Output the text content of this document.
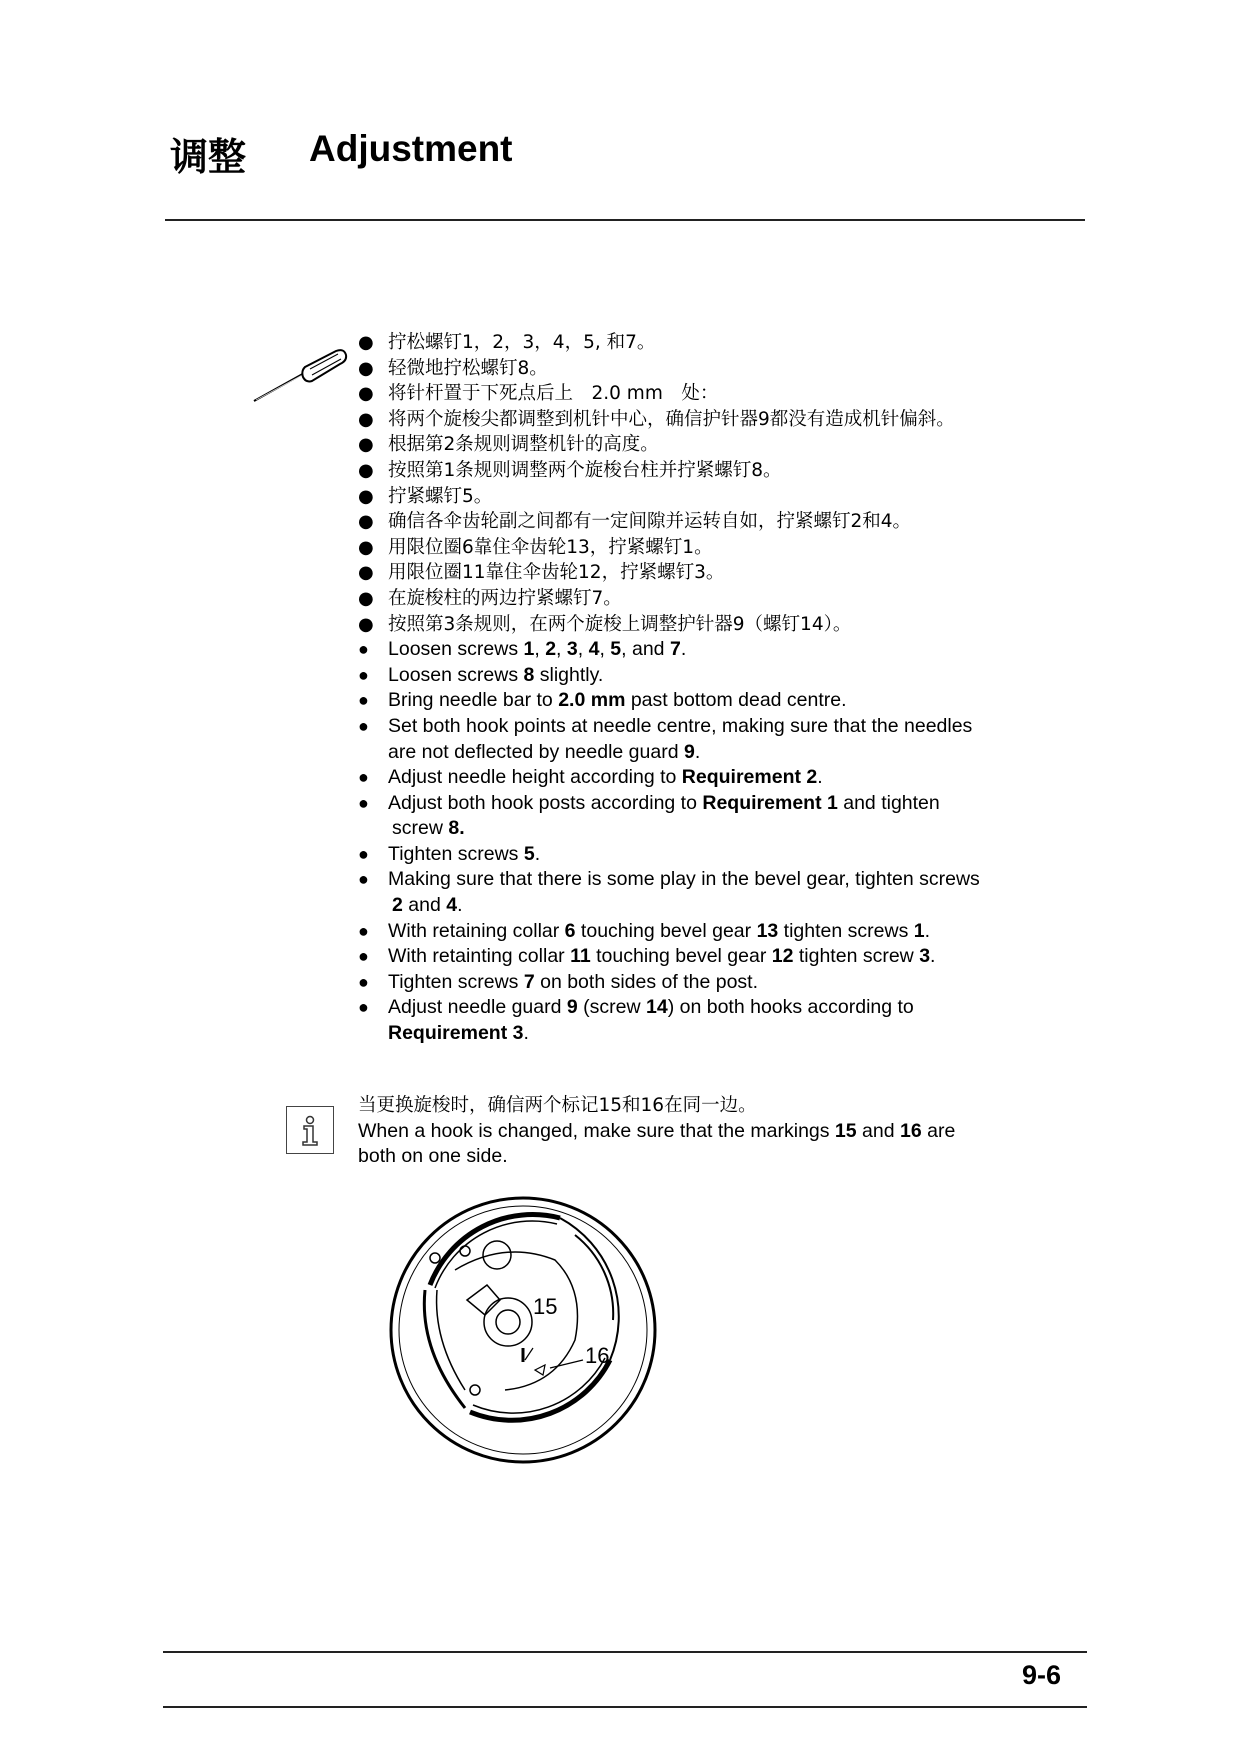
调整 Adjustment
● 拧松螺钉1，2，3，4，5, 和7。
● 轻微地拧松螺钉8。
● 将针杆置于下死点后上　2.0 mm　处：
● 将两个旋梭尖都调整到机针中心，确信护针器9都没有造成机针偏斜。
● 根据第2条规则调整机针的高度。
● 按照第1条规则调整两个旋梭台柱并拧紧螺钉8。
● 拧紧螺钉5。
● 确信各伞齿轮副之间都有一定间隙并运转自如，拧紧螺钉2和4。
● 用限位圈6靠住伞齿轮13，拧紧螺钉1。
● 用限位圈11靠住伞齿轮12，拧紧螺钉3。
● 在旋梭柱的两边拧紧螺钉7。
● 按照第3条规则，在两个旋梭上调整护针器9（螺钉14）。
● Loosen screws 1, 2, 3, 4, 5, and 7.
● Loosen screws 8 slightly.
● Bring needle bar to 2.0 mm past bottom dead centre.
● Set both hook points at needle centre, making sure that the needles
are not deflected by needle guard 9.
● Adjust needle height according to Requirement 2.
● Adjust both hook posts according to Requirement 1 and tighten
screw 8.
● Tighten screws 5.
● Making sure that there is some play in the bevel gear, tighten screws
2 and 4.
● With retaining collar 6 touching bevel gear 13 tighten screws 1.
● With retainting collar 11 touching bevel gear 12 tighten screw 3.
● Tighten screws 7 on both sides of the post.
● Adjust needle guard 9 (screw 14) on both hooks according to
Requirement 3.
当更换旋梭时，确信两个标记15和16在同一边。
When a hook is changed, make sure that the markings 15 and 16 are
both on one side.
15
16
9-6
